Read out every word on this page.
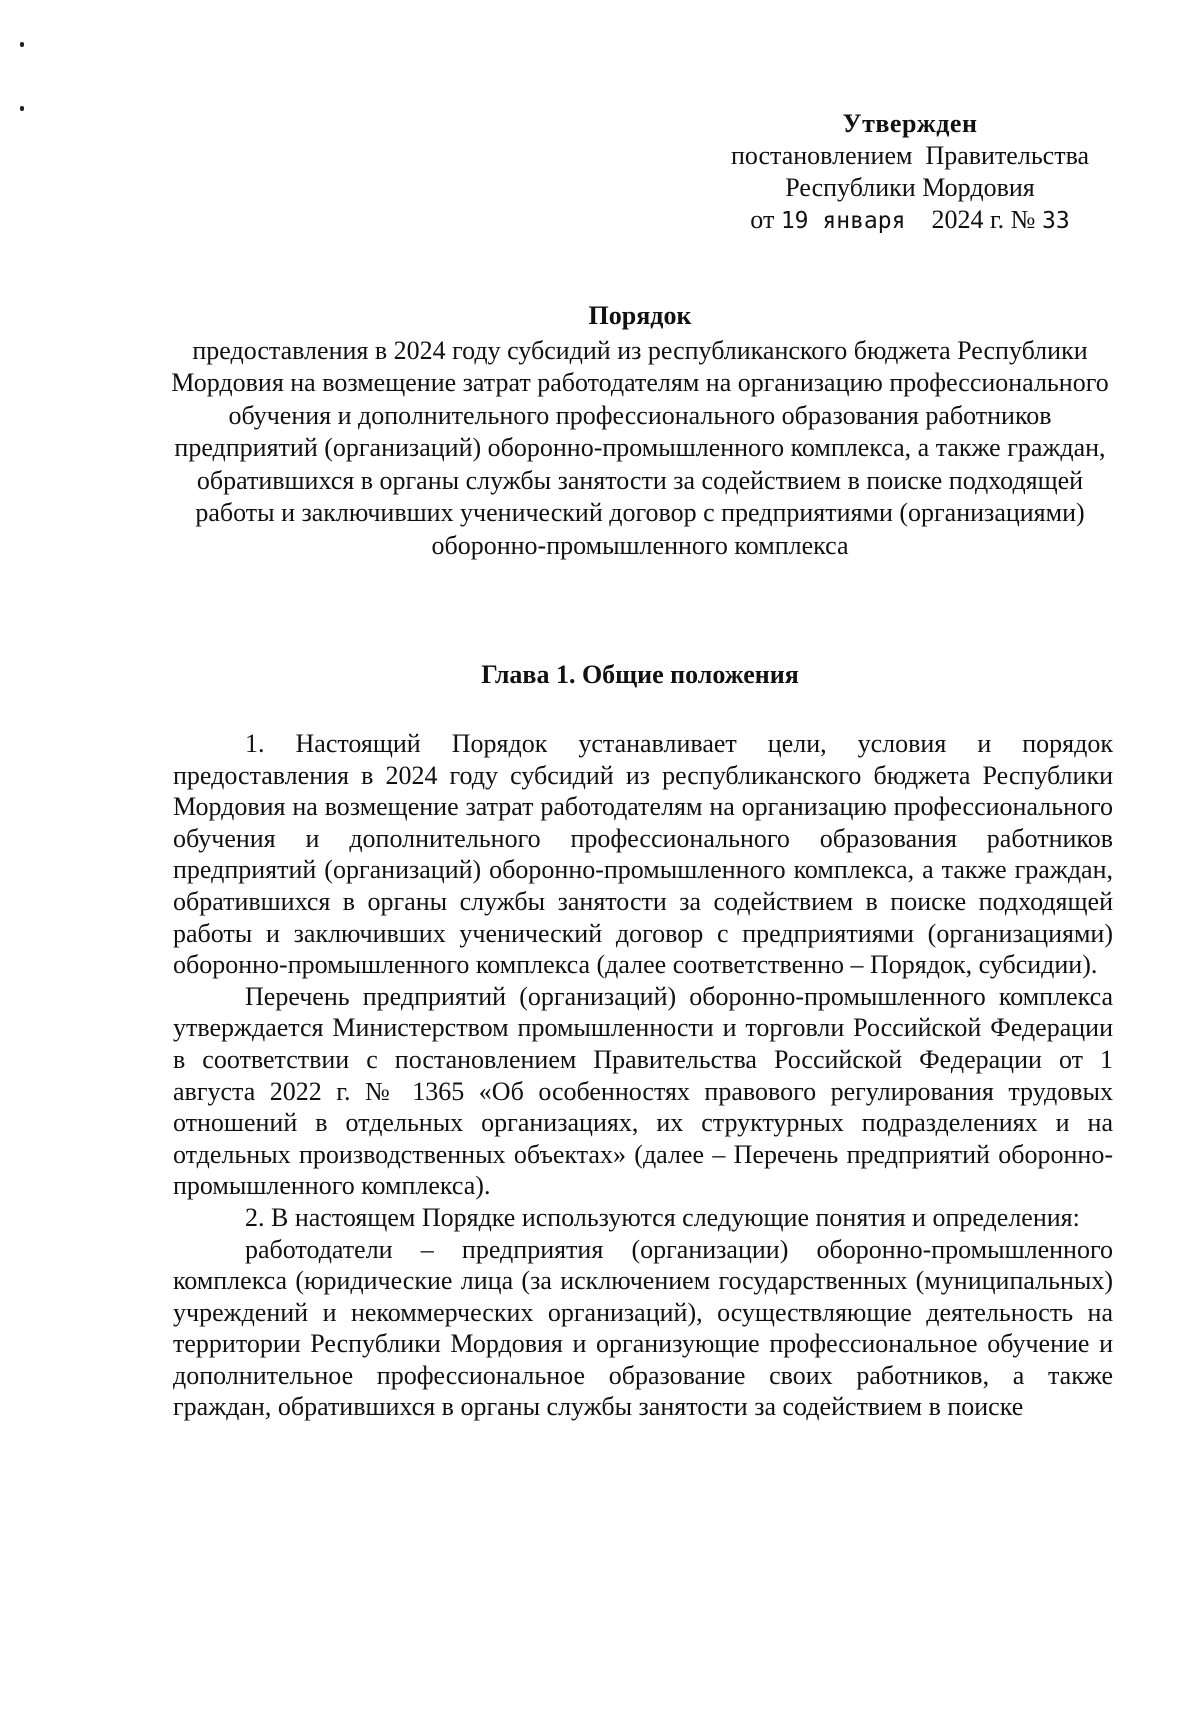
Утвержден
постановлением  Правительства
Республики Мордовия
от 19 января 2024 г. № 33
Порядок
предоставления в 2024 году субсидий из республиканского бюджета Республики Мордовия на возмещение затрат работодателям на организацию профессионального обучения и дополнительного профессионального образования работников предприятий (организаций) оборонно-промышленного комплекса, а также граждан, обратившихся в органы службы занятости за содействием в поиске подходящей работы и заключивших ученический договор с предприятиями (организациями) оборонно-промышленного комплекса
Глава 1. Общие положения

1. Настоящий Порядок устанавливает цели, условия и порядок предоставления в 2024 году субсидий из республиканского бюджета Республики Мордовия на возмещение затрат работодателям на организацию профессионального обучения и дополнительного профессионального образования работников предприятий (организаций) оборонно-промышленного комплекса, а также граждан, обратившихся в органы службы занятости за содействием в поиске подходящей работы и заключивших ученический договор с предприятиями (организациями) оборонно-промышленного комплекса (далее соответственно – Порядок, субсидии).

Перечень предприятий (организаций) оборонно-промышленного комплекса утверждается Министерством промышленности и торговли Российской Федерации в соответствии с постановлением Правительства Российской Федерации от 1 августа 2022 г. № 1365 «Об особенностях правового регулирования трудовых отношений в отдельных организациях, их структурных подразделениях и на отдельных производственных объектах» (далее – Перечень предприятий оборонно-промышленного комплекса).

2. В настоящем Порядке используются следующие понятия и определения:

работодатели – предприятия (организации) оборонно-промышленного комплекса (юридические лица (за исключением государственных (муниципальных) учреждений и некоммерческих организаций), осуществляющие деятельность на территории Республики Мордовия и организующие профессиональное обучение и дополнительное профессиональное образование своих работников, а также граждан, обратившихся в органы службы занятости за содействием в поиске
